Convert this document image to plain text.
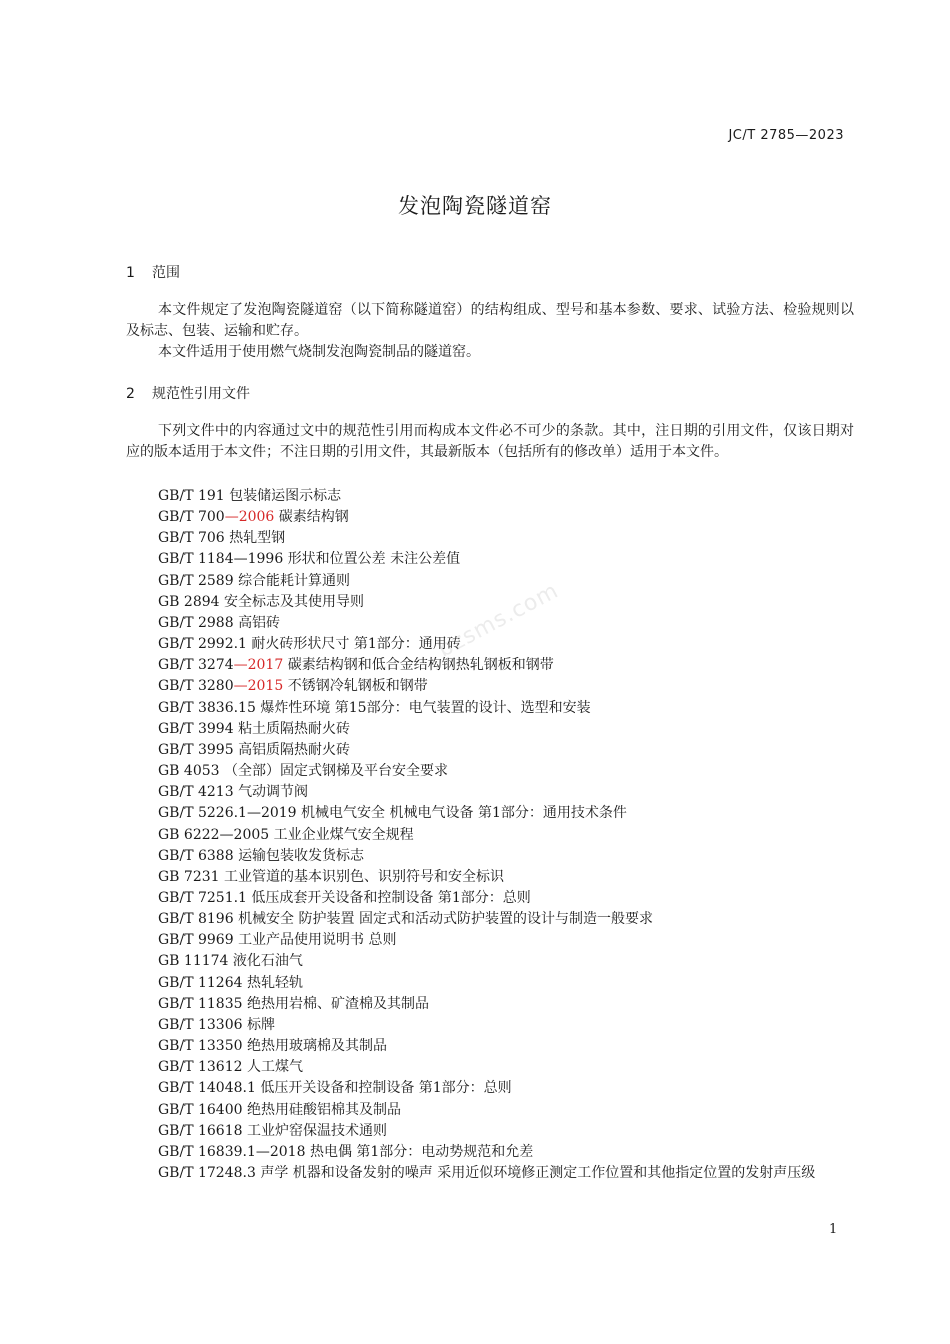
JC/T 2785—2023
发泡陶瓷隧道窑
1 范围

本文件规定了发泡陶瓷隧道窑（以下简称隧道窑）的结构组成、型号和基本参数、要求、试验方法、检验规则以及标志、包装、运输和贮存。

本文件适用于使用燃气烧制发泡陶瓷制品的隧道窑。

2 规范性引用文件

下列文件中的内容通过文中的规范性引用而构成本文件必不可少的条款。其中，注日期的引用文件，仅该日期对应的版本适用于本文件；不注日期的引用文件，其最新版本（包括所有的修改单）适用于本文件。

GB/T 191 包装储运图示标志
GB/T 700—2006 碳素结构钢
GB/T 706 热轧型钢
GB/T 1184—1996 形状和位置公差 未注公差值
GB/T 2589 综合能耗计算通则
GB 2894 安全标志及其使用导则
GB/T 2988 高铝砖
GB/T 2992.1 耐火砖形状尺寸 第1部分：通用砖
GB/T 3274—2017 碳素结构钢和低合金结构钢热轧钢板和钢带
GB/T 3280—2015 不锈钢冷轧钢板和钢带
GB/T 3836.15 爆炸性环境 第15部分：电气装置的设计、选型和安装
GB/T 3994 粘土质隔热耐火砖
GB/T 3995 高铝质隔热耐火砖
GB 4053 （全部）固定式钢梯及平台安全要求
GB/T 4213 气动调节阀
GB/T 5226.1—2019 机械电气安全 机械电气设备 第1部分：通用技术条件
GB 6222—2005 工业企业煤气安全规程
GB/T 6388 运输包装收发货标志
GB 7231 工业管道的基本识别色、识别符号和安全标识
GB/T 7251.1 低压成套开关设备和控制设备 第1部分：总则
GB/T 8196 机械安全 防护装置 固定式和活动式防护装置的设计与制造一般要求
GB/T 9969 工业产品使用说明书 总则
GB 11174 液化石油气
GB/T 11264 热轧轻轨
GB/T 11835 绝热用岩棉、矿渣棉及其制品
GB/T 13306 标牌
GB/T 13350 绝热用玻璃棉及其制品
GB/T 13612 人工煤气
GB/T 14048.1 低压开关设备和控制设备 第1部分：总则
GB/T 16400 绝热用硅酸铝棉其及制品
GB/T 16618 工业炉窑保温技术通则
GB/T 16839.1—2018 热电偶 第1部分：电动势规范和允差
GB/T 17248.3 声学 机器和设备发射的噪声 采用近似环境修正测定工作位置和其他指定位置的发射声压级
bzsms.com
1
